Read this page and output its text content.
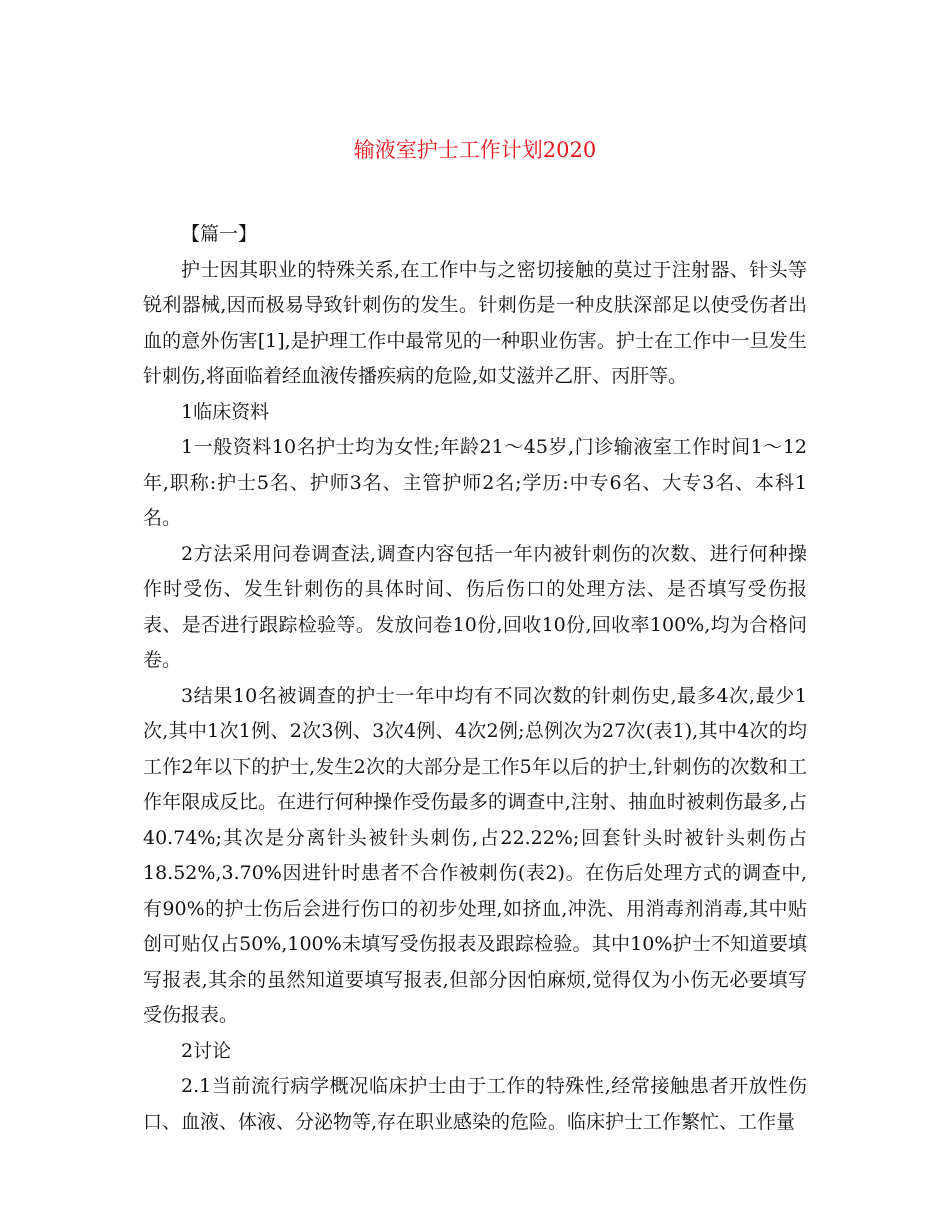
输液室护士工作计划2020

【篇一】

护士因其职业的特殊关系,在工作中与之密切接触的莫过于注射器、针头等锐利器械,因而极易导致针刺伤的发生。针刺伤是一种皮肤深部足以使受伤者出血的意外伤害[1],是护理工作中最常见的一种职业伤害。护士在工作中一旦发生针刺伤,将面临着经血液传播疾病的危险,如艾滋并乙肝、丙肝等。

1临床资料

1一般资料10名护士均为女性;年龄21～45岁,门诊输液室工作时间1～12年,职称:护士5名、护师3名、主管护师2名;学历:中专6名、大专3名、本科1名。

2方法采用问卷调查法,调查内容包括一年内被针刺伤的次数、进行何种操作时受伤、发生针刺伤的具体时间、伤后伤口的处理方法、是否填写受伤报表、是否进行跟踪检验等。发放问卷10份,回收10份,回收率100%,均为合格问卷。

3结果10名被调查的护士一年中均有不同次数的针刺伤史,最多4次,最少1次,其中1次1例、2次3例、3次4例、4次2例;总例次为27次(表1),其中4次的均工作2年以下的护士,发生2次的大部分是工作5年以后的护士,针刺伤的次数和工作年限成反比。在进行何种操作受伤最多的调查中,注射、抽血时被刺伤最多,占40.74%;其次是分离针头被针头刺伤,占22.22%;回套针头时被针头刺伤占18.52%,3.70%因进针时患者不合作被刺伤(表2)。在伤后处理方式的调查中,有90%的护士伤后会进行伤口的初步处理,如挤血,冲洗、用消毒剂消毒,其中贴创可贴仅占50%,100%未填写受伤报表及跟踪检验。其中10%护士不知道要填写报表,其余的虽然知道要填写报表,但部分因怕麻烦,觉得仅为小伤无必要填写受伤报表。

2讨论

2.1当前流行病学概况临床护士由于工作的特殊性,经常接触患者开放性伤口、血液、体液、分泌物等,存在职业感染的危险。临床护士工作繁忙、工作量
